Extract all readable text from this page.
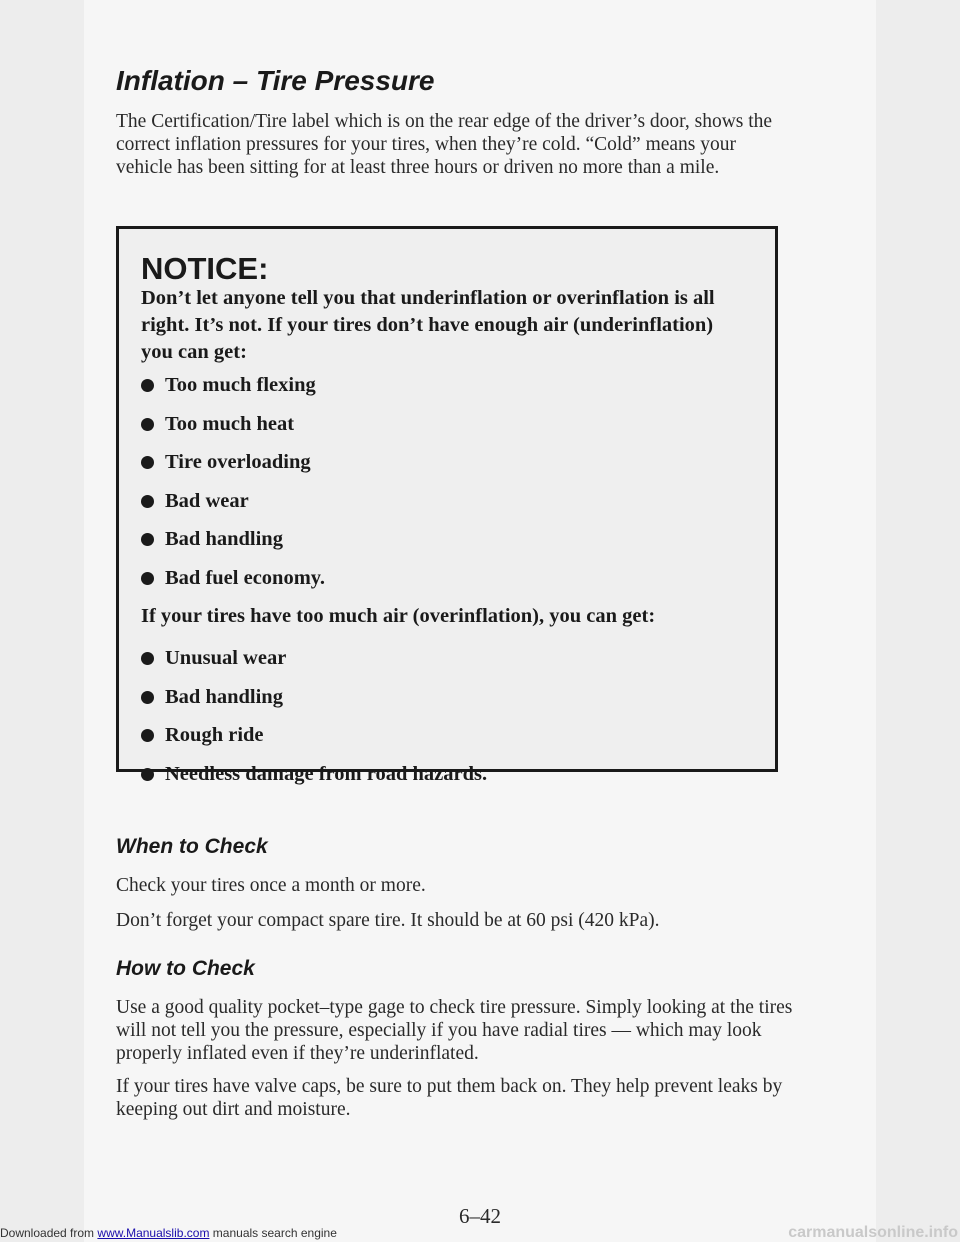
Inflation – Tire Pressure

The Certification/Tire label which is on the rear edge of the driver’s door, shows the correct inflation pressures for your tires, when they’re cold. “Cold” means your vehicle has been sitting for at least three hours or driven no more than a mile.

NOTICE:

Don’t let anyone tell you that underinflation or overinflation is all right. It’s not. If your tires don’t have enough air (underinflation) you can get:

Too much flexing
Too much heat
Tire overloading
Bad wear
Bad handling
Bad fuel economy.

If your tires have too much air (overinflation), you can get:

Unusual wear
Bad handling
Rough ride
Needless damage from road hazards.
When to Check

Check your tires once a month or more.

Don’t forget your compact spare tire. It should be at 60 psi (420 kPa).

How to Check

Use a good quality pocket–type gage to check tire pressure. Simply looking at the tires will not tell you the pressure, especially if you have radial tires — which may look properly inflated even if they’re underinflated.

If your tires have valve caps, be sure to put them back on. They help prevent leaks by keeping out dirt and moisture.

6–42

Downloaded from www.Manualslib.com manuals search engine	carmanualsonline.info
